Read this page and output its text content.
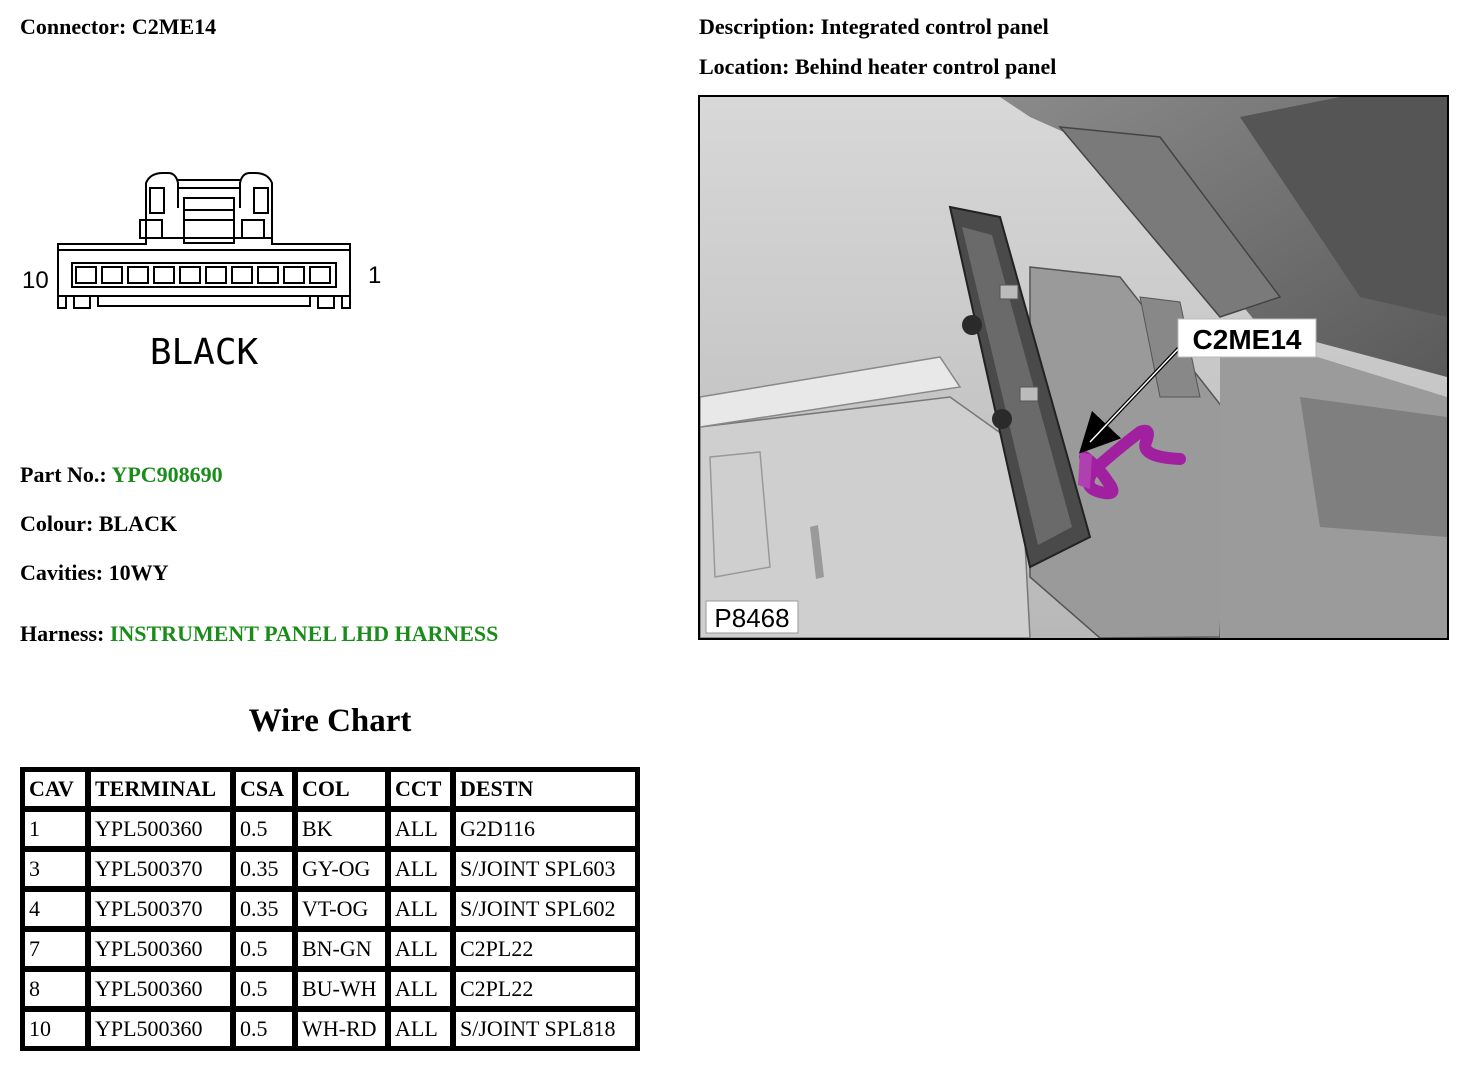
Connector: C2ME14	Description: Integrated control panel
Location: Behind heater control panel
10	1
BLACK
Part No.: YPC908690
Colour: BLACK
Cavities: 10WY
Harness: INSTRUMENT PANEL LHD HARNESS
Wire Chart
CAV	TERMINAL	CSA	COL	CCT	DESTN
1	YPL500360	0.5	BK	ALL	G2D116
3	YPL500370	0.35	GY-OG	ALL	S/JOINT SPL603
4	YPL500370	0.35	VT-OG	ALL	S/JOINT SPL602
7	YPL500360	0.5	BN-GN	ALL	C2PL22
8	YPL500360	0.5	BU-WH	ALL	C2PL22
10	YPL500360	0.5	WH-RD	ALL	S/JOINT SPL818
C2ME14
P8468
